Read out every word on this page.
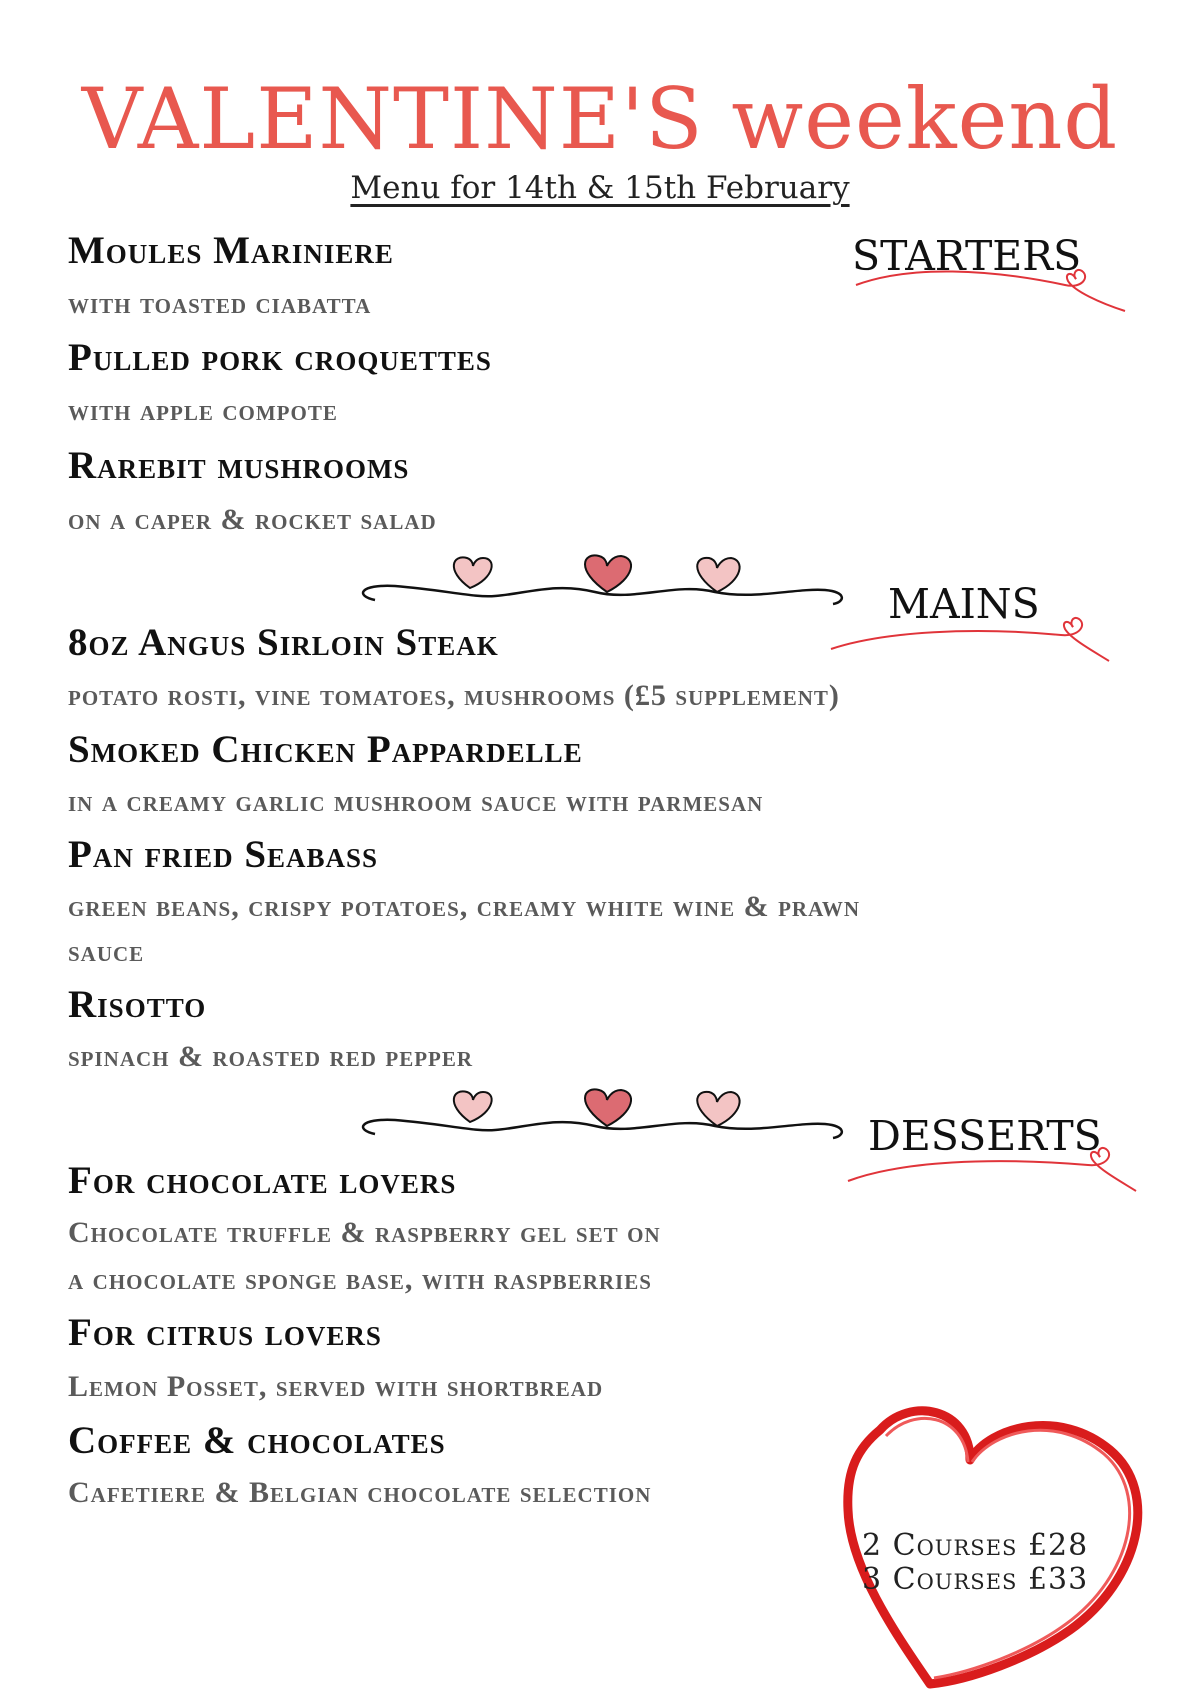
VALENTINE'S weekend
Menu for 14th & 15th February
STARTERS
Moules Mariniere
with toasted ciabatta
Pulled pork croquettes
with apple compote
Rarebit mushrooms
on a caper & rocket salad
MAINS
8oz Angus Sirloin Steak
potato rosti, vine tomatoes, mushrooms (£5 supplement)
Smoked Chicken Pappardelle
in a creamy garlic mushroom sauce with parmesan
Pan fried Seabass
green beans, crispy potatoes, creamy white wine & prawn
sauce
Risotto
spinach & roasted red pepper
DESSERTS
For chocolate lovers
Chocolate truffle & raspberry gel set on
a chocolate sponge base, with raspberries
For citrus lovers
Lemon Posset, served with shortbread
Coffee & chocolates
Cafetiere & Belgian chocolate selection
2 Courses £28
3 Courses £33
